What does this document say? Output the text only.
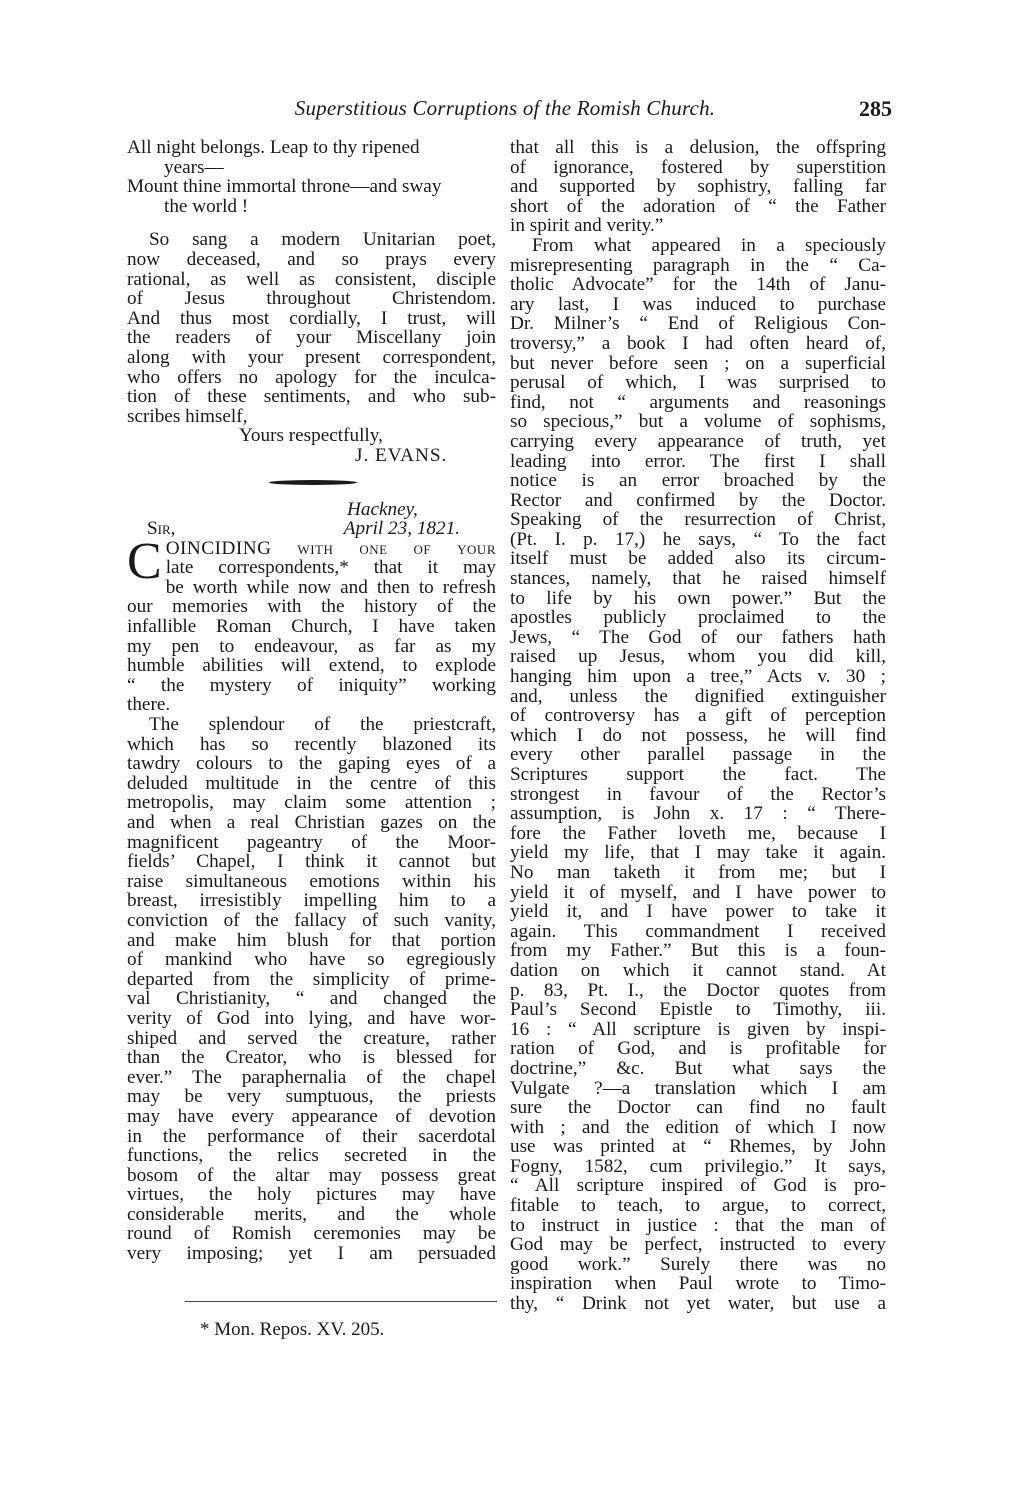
Superstitious Corruptions of the Romish Church.	285
All night belongs. Leap to thy ripened
years—
Mount thine immortal throne—and sway
the world !
So sang a modern Unitarian poet,
now deceased, and so prays every
rational, as well as consistent, disciple
of Jesus throughout Christendom.
And thus most cordially, I trust, will
the readers of your Miscellany join
along with your present correspondent,
who offers no apology for the inculca-
tion of these sentiments, and who sub-
scribes himself,
Yours respectfully,
J. EVANS.
Hackney,
Sir,	April 23, 1821.
C OINCIDING with one of your
late correspondents,* that it may
be worth while now and then to refresh
our memories with the history of the
infallible Roman Church, I have taken
my pen to endeavour, as far as my
humble abilities will extend, to explode
“ the mystery of iniquity” working
there.
The splendour of the priestcraft,
which has so recently blazoned its
tawdry colours to the gaping eyes of a
deluded multitude in the centre of this
metropolis, may claim some attention ;
and when a real Christian gazes on the
magnificent pageantry of the Moor-
fields’ Chapel, I think it cannot but
raise simultaneous emotions within his
breast, irresistibly impelling him to a
conviction of the fallacy of such vanity,
and make him blush for that portion
of mankind who have so egregiously
departed from the simplicity of prime-
val Christianity, “ and changed the
verity of God into lying, and have wor-
shiped and served the creature, rather
than the Creator, who is blessed for
ever.” The paraphernalia of the chapel
may be very sumptuous, the priests
may have every appearance of devotion
in the performance of their sacerdotal
functions, the relics secreted in the
bosom of the altar may possess great
virtues, the holy pictures may have
considerable merits, and the whole
round of Romish ceremonies may be
very imposing; yet I am persuaded
* Mon. Repos. XV. 205.
that all this is a delusion, the offspring
of ignorance, fostered by superstition
and supported by sophistry, falling far
short of the adoration of “ the Father
in spirit and verity.”
From what appeared in a speciously
misrepresenting paragraph in the “ Ca-
tholic Advocate” for the 14th of Janu-
ary last, I was induced to purchase
Dr. Milner’s “ End of Religious Con-
troversy,” a book I had often heard of,
but never before seen ; on a superficial
perusal of which, I was surprised to
find, not “ arguments and reasonings
so specious,” but a volume of sophisms,
carrying every appearance of truth, yet
leading into error. The first I shall
notice is an error broached by the
Rector and confirmed by the Doctor.
Speaking of the resurrection of Christ,
(Pt. I. p. 17,) he says, “ To the fact
itself must be added also its circum-
stances, namely, that he raised himself
to life by his own power.” But the
apostles publicly proclaimed to the
Jews, “ The God of our fathers hath
raised up Jesus, whom you did kill,
hanging him upon a tree,” Acts v. 30 ;
and, unless the dignified extinguisher
of controversy has a gift of perception
which I do not possess, he will find
every other parallel passage in the
Scriptures support the fact. The
strongest in favour of the Rector’s
assumption, is John x. 17 : “ There-
fore the Father loveth me, because I
yield my life, that I may take it again.
No man taketh it from me; but I
yield it of myself, and I have power to
yield it, and I have power to take it
again. This commandment I received
from my Father.” But this is a foun-
dation on which it cannot stand. At
p. 83, Pt. I., the Doctor quotes from
Paul’s Second Epistle to Timothy, iii.
16 : “ All scripture is given by inspi-
ration of God, and is profitable for
doctrine,” &c. But what says the
Vulgate ?—a translation which I am
sure the Doctor can find no fault
with ; and the edition of which I now
use was printed at “ Rhemes, by John
Fogny, 1582, cum privilegio.” It says,
“ All scripture inspired of God is pro-
fitable to teach, to argue, to correct,
to instruct in justice : that the man of
God may be perfect, instructed to every
good work.” Surely there was no
inspiration when Paul wrote to Timo-
thy, “ Drink not yet water, but use a
